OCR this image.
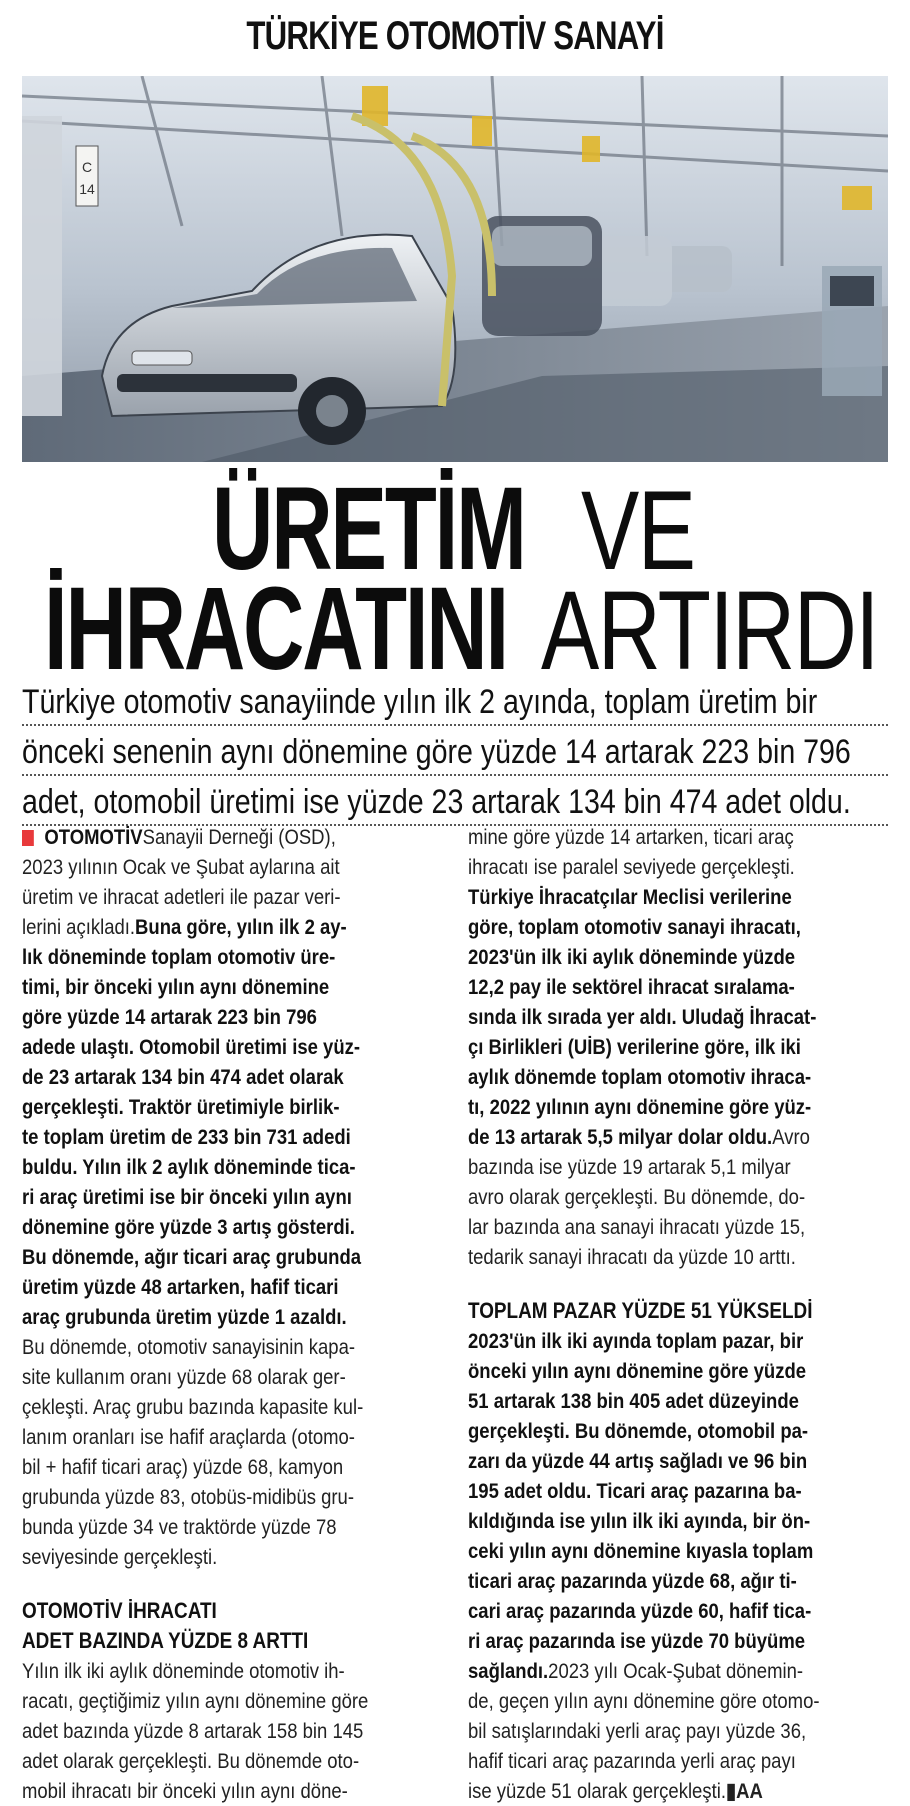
TÜRKİYE OTOMOTİV SANAYİ
C
14
ÜRETİM VE
İHRACATINI ARTIRDI
Türkiye otomotiv sanayiinde yılın ilk 2 ayında, toplam üretim bir
önceki senenin aynı dönemine göre yüzde 14 artarak 223 bin 796
adet, otomobil üretimi ise yüzde 23 artarak 134 bin 474 adet oldu.
OTOMOTİVSanayii Derneği (OSD),
2023 yılının Ocak ve Şubat aylarına ait
üretim ve ihracat adetleri ile pazar veri-
lerini açıkladı.Buna göre, yılın ilk 2 ay-
lık döneminde toplam otomotiv üre-
timi, bir önceki yılın aynı dönemine
göre yüzde 14 artarak 223 bin 796
adede ulaştı. Otomobil üretimi ise yüz-
de 23 artarak 134 bin 474 adet olarak
gerçekleşti. Traktör üretimiyle birlik-
te toplam üretim de 233 bin 731 adedi
buldu. Yılın ilk 2 aylık döneminde tica-
ri araç üretimi ise bir önceki yılın aynı
dönemine göre yüzde 3 artış gösterdi.
Bu dönemde, ağır ticari araç grubunda
üretim yüzde 48 artarken, hafif ticari
araç grubunda üretim yüzde 1 azaldı.
Bu dönemde, otomotiv sanayisinin kapa-
site kullanım oranı yüzde 68 olarak ger-
çekleşti. Araç grubu bazında kapasite kul-
lanım oranları ise hafif araçlarda (otomo-
bil + hafif ticari araç) yüzde 68, kamyon
grubunda yüzde 83, otobüs-midibüs gru-
bunda yüzde 34 ve traktörde yüzde 78
seviyesinde gerçekleşti.
OTOMOTİV İHRACATI
ADET BAZINDA YÜZDE 8 ARTTI
Yılın ilk iki aylık döneminde otomotiv ih-
racatı, geçtiğimiz yılın aynı dönemine göre
adet bazında yüzde 8 artarak 158 bin 145
adet olarak gerçekleşti. Bu dönemde oto-
mobil ihracatı bir önceki yılın aynı döne-
mine göre yüzde 14 artarken, ticari araç
ihracatı ise paralel seviyede gerçekleşti.
Türkiye İhracatçılar Meclisi verilerine
göre, toplam otomotiv sanayi ihracatı,
2023'ün ilk iki aylık döneminde yüzde
12,2 pay ile sektörel ihracat sıralama-
sında ilk sırada yer aldı. Uludağ İhracat-
çı Birlikleri (UİB) verilerine göre, ilk iki
aylık dönemde toplam otomotiv ihraca-
tı, 2022 yılının aynı dönemine göre yüz-
de 13 artarak 5,5 milyar dolar oldu.Avro
bazında ise yüzde 19 artarak 5,1 milyar
avro olarak gerçekleşti. Bu dönemde, do-
lar bazında ana sanayi ihracatı yüzde 15,
tedarik sanayi ihracatı da yüzde 10 arttı.
TOPLAM PAZAR YÜZDE 51 YÜKSELDİ
2023'ün ilk iki ayında toplam pazar, bir
önceki yılın aynı dönemine göre yüzde
51 artarak 138 bin 405 adet düzeyinde
gerçekleşti. Bu dönemde, otomobil pa-
zarı da yüzde 44 artış sağladı ve 96 bin
195 adet oldu. Ticari araç pazarına ba-
kıldığında ise yılın ilk iki ayında, bir ön-
ceki yılın aynı dönemine kıyasla toplam
ticari araç pazarında yüzde 68, ağır ti-
cari araç pazarında yüzde 60, hafif tica-
ri araç pazarında ise yüzde 70 büyüme
sağlandı.2023 yılı Ocak-Şubat dönemin-
de, geçen yılın aynı dönemine göre otomo-
bil satışlarındaki yerli araç payı yüzde 36,
hafif ticari araç pazarında yerli araç payı
ise yüzde 51 olarak gerçekleşti.▮AA
